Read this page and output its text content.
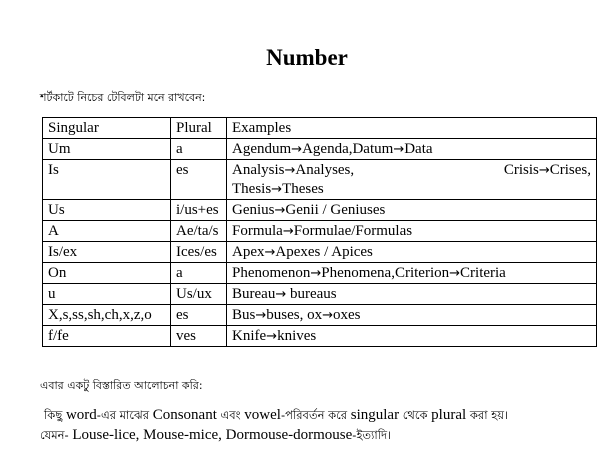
Number
শর্টকাটে নিচের টেবিলটা মনে রাখবেন:
Singular	Plural	Examples
Um	a	Agendum→Agenda,Datum→Data
Is	es	Analysis→Analyses, Crisis→Crises,
Thesis→Theses

Us	i/us+es	Genius→Genii / Geniuses
A	Ae/ta/s	Formula→Formulae/Formulas
Is/ex	Ices/es	Apex→Apexes / Apices
On	a	Phenomenon→Phenomena,Criterion→Criteria
u	Us/ux	Bureau→ bureaus
X,s,ss,sh,ch,x,z,o	es	Bus→buses, ox→oxes
f/fe	ves	Knife→knives
এবার একটু বিস্তারিত আলোচনা করি:
কিছু word-এর মাঝের Consonant এবং vowel-পরিবর্তন করে singular থেকে plural করা হয়।
যেমন- Louse-lice, Mouse-mice, Dormouse-dormouse-ইত্যাদি।
